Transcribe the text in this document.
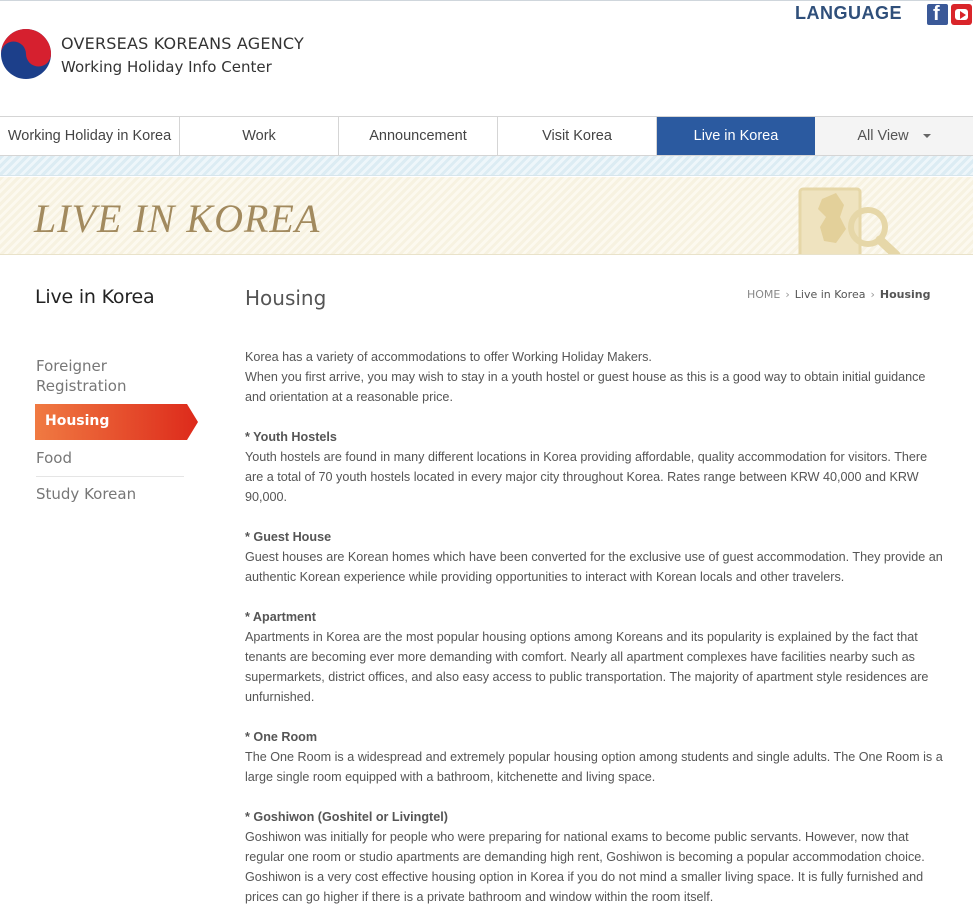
OVERSEAS KOREANS AGENCY
Working Holiday Info Center
LANGUAGE f
Working Holiday in Korea	Work	Announcement	Visit Korea	Live in Korea	All View
LIVE IN KOREA
Live in Korea
Foreigner Registration
Housing
Food
Study Korean
Housing	HOME › Live in Korea › Housing

Korea has a variety of accommodations to offer Working Holiday Makers.

When you first arrive, you may wish to stay in a youth hostel or guest house as this is a good way to obtain initial guidance and orientation at a reasonable price.

* Youth Hostels

Youth hostels are found in many different locations in Korea providing affordable, quality accommodation for visitors. There are a total of 70 youth hostels located in every major city throughout Korea. Rates range between KRW 40,000 and KRW 90,000.

* Guest House

Guest houses are Korean homes which have been converted for the exclusive use of guest accommodation. They provide an authentic Korean experience while providing opportunities to interact with Korean locals and other travelers.

* Apartment

Apartments in Korea are the most popular housing options among Koreans and its popularity is explained by the fact that tenants are becoming ever more demanding with comfort. Nearly all apartment complexes have facilities nearby such as supermarkets, district offices, and also easy access to public transportation. The majority of apartment style residences are unfurnished.

* One Room

The One Room is a widespread and extremely popular housing option among students and single adults. The One Room is a large single room equipped with a bathroom, kitchenette and living space.

* Goshiwon (Goshitel or Livingtel)

Goshiwon was initially for people who were preparing for national exams to become public servants. However, now that regular one room or studio apartments are demanding high rent, Goshiwon is becoming a popular accommodation choice. Goshiwon is a very cost effective housing option in Korea if you do not mind a smaller living space. It is fully furnished and prices can go higher if there is a private bathroom and window within the room itself.
